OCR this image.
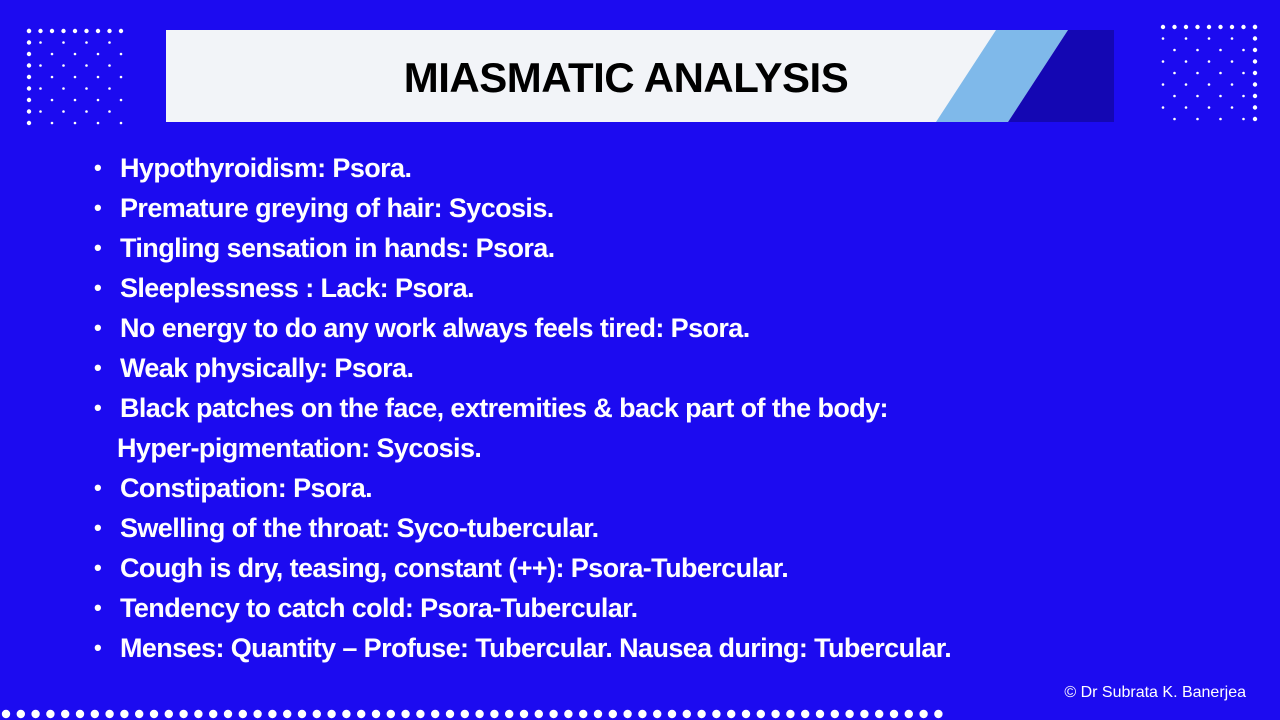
MIASMATIC ANALYSIS
• Hypothyroidism: Psora.
• Premature greying of hair: Sycosis.
• Tingling sensation in hands: Psora.
• Sleeplessness : Lack: Psora.
• No energy to do any work always feels tired: Psora.
• Weak physically: Psora.
• Black patches on the face, extremities & back part of the body:
Hyper-pigmentation: Sycosis.
• Constipation: Psora.
• Swelling of the throat: Syco-tubercular.
• Cough is dry, teasing, constant (++): Psora-Tubercular.
• Tendency to catch cold: Psora-Tubercular.
• Menses: Quantity – Profuse: Tubercular. Nausea during: Tubercular.
© Dr Subrata K. Banerjea
